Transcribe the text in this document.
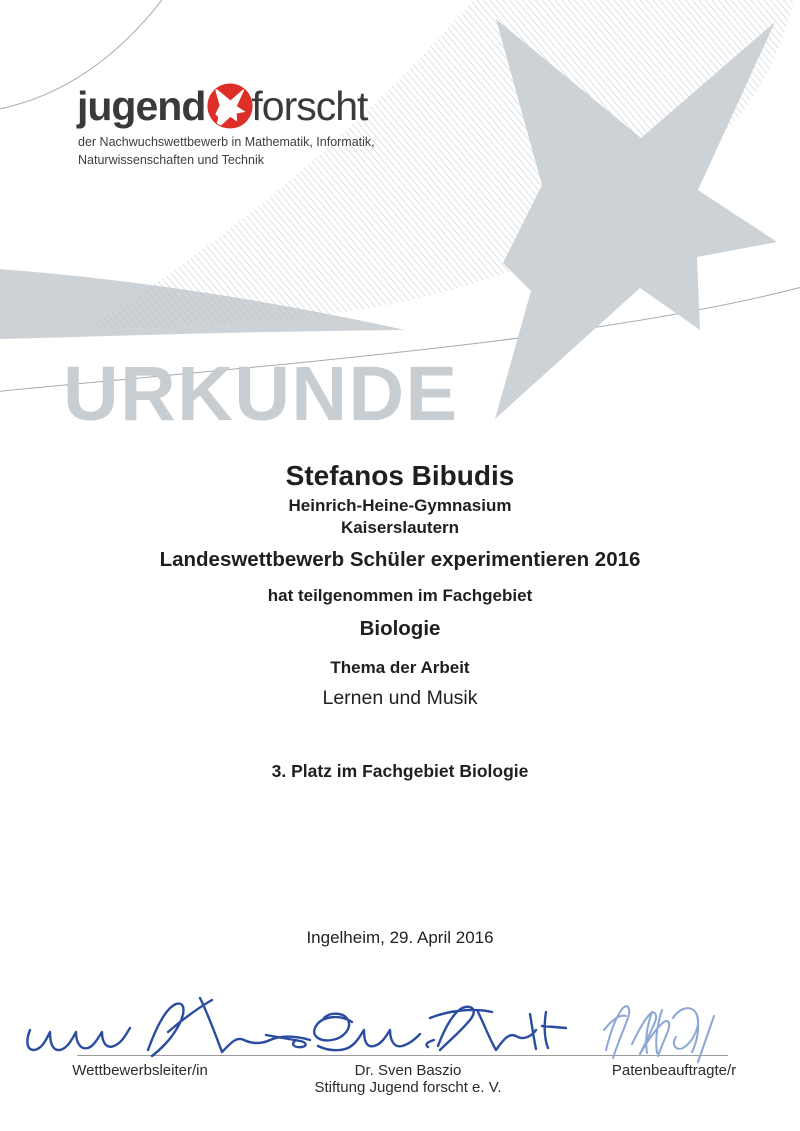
jugend forscht
der Nachwuchswettbewerb in Mathematik, Informatik,
Naturwissenschaften und Technik
URKUNDE
Stefanos Bibudis
Heinrich-Heine-Gymnasium
Kaiserslautern
Landeswettbewerb Schüler experimentieren 2016
hat teilgenommen im Fachgebiet
Biologie
Thema der Arbeit
Lernen und Musik
3. Platz im Fachgebiet Biologie
Ingelheim, 29. April 2016
Wettbewerbsleiter/in	Dr. Sven Baszio
Stiftung Jugend forscht e. V.
Patenbeauftragte/r
